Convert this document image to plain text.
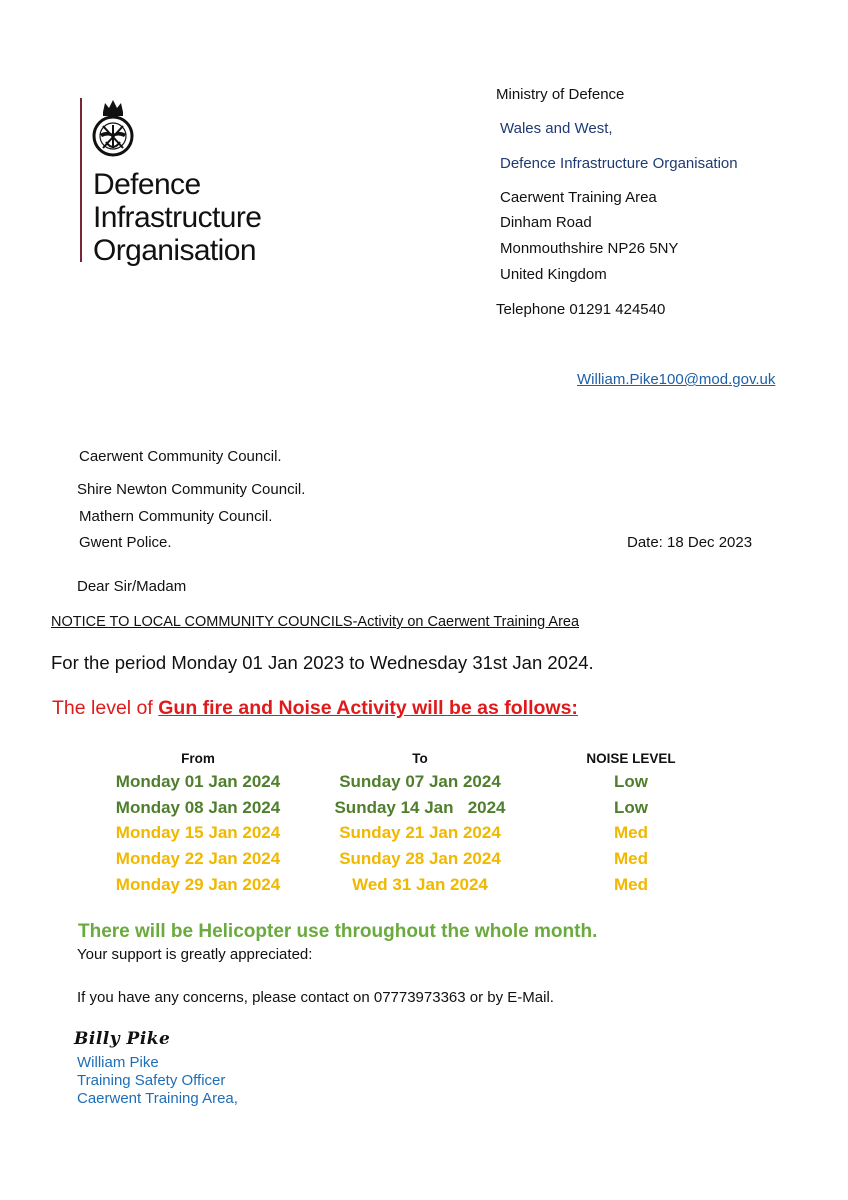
Defence
Infrastructure
Organisation
Ministry of Defence
Wales and West,
Defence Infrastructure Organisation
Caerwent Training Area
Dinham Road
Monmouthshire NP26 5NY
United Kingdom
Telephone 01291 424540
William.Pike100@mod.gov.uk
Caerwent Community Council.
Shire Newton Community Council.
Mathern Community Council.
Gwent Police.	Date: 18 Dec 2023
Dear Sir/Madam
NOTICE TO LOCAL COMMUNITY COUNCILS-Activity on Caerwent Training Area
For the period Monday 01 Jan 2023 to Wednesday 31st Jan 2024.
The level of Gun fire and Noise Activity will be as follows:
From	To	NOISE LEVEL
Monday 01 Jan 2024	Sunday 07 Jan 2024	Low
Monday 08 Jan 2024	Sunday 14 Jan   2024	Low
Monday 15 Jan 2024	Sunday 21 Jan 2024	Med
Monday 22 Jan 2024	Sunday 28 Jan 2024	Med
Monday 29 Jan 2024	Wed 31 Jan 2024	Med
There will be Helicopter use throughout the whole month.
Your support is greatly appreciated:
If you have any concerns, please contact on 07773973363 or by E-Mail.
Billy Pike
William Pike
Training Safety Officer
Caerwent Training Area,
